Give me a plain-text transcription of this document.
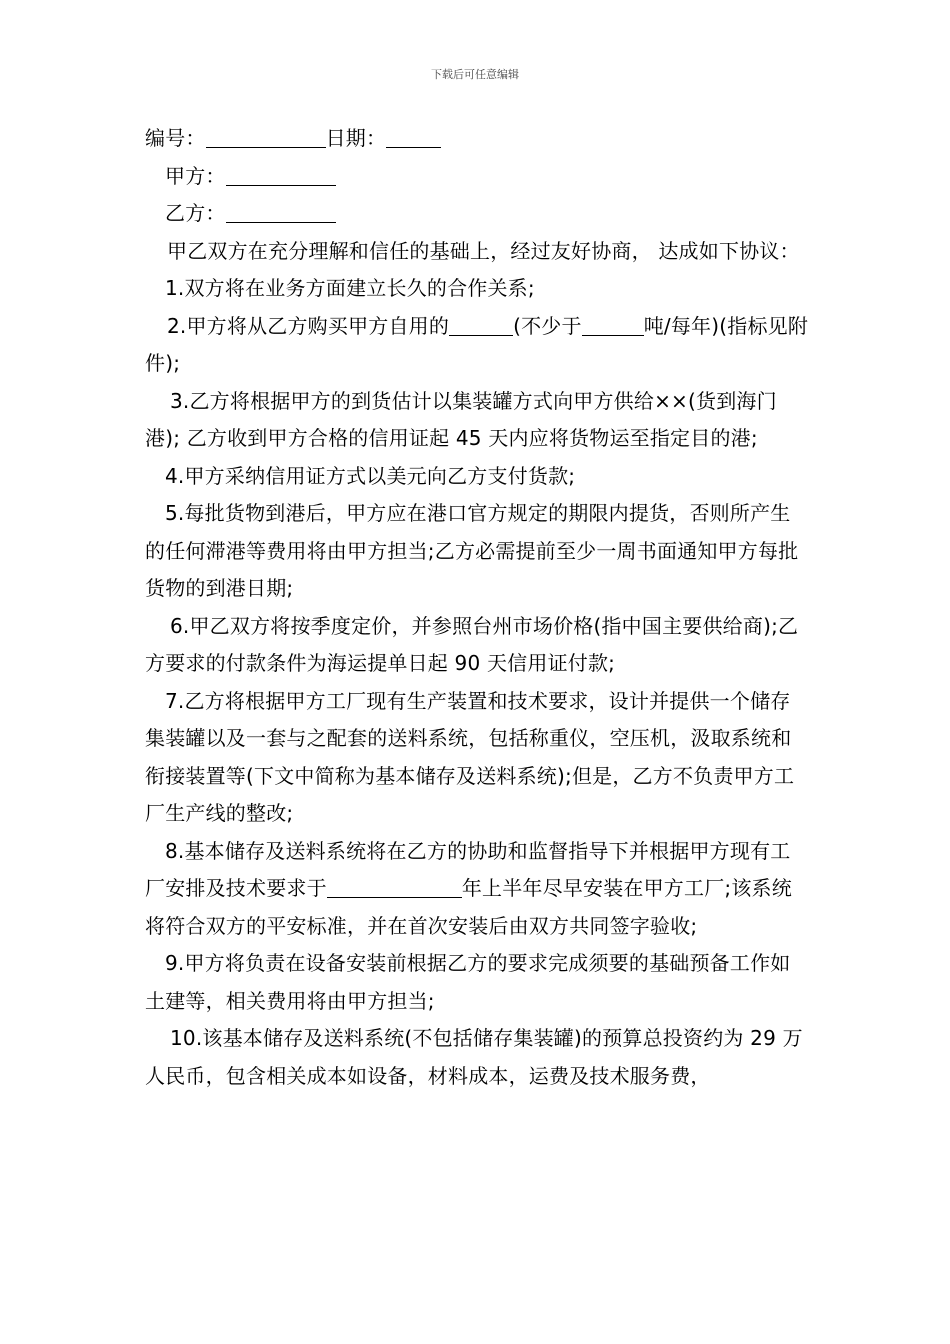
下载后可任意编辑
编号：	日期：
甲方：
乙方：

甲乙双方在充分理解和信任的基础上，经过友好协商， 达成如下协议：

1.双方将在业务方面建立长久的合作关系;

2.甲方将从乙方购买甲方自用的	(不少于	吨/每年)(指标见附件);

3.乙方将根据甲方的到货估计以集装罐方式向甲方供给××(货到海门港); 乙方收到甲方合格的信用证起 45 天内应将货物运至指定目的港;

4.甲方采纳信用证方式以美元向乙方支付货款;

5.每批货物到港后，甲方应在港口官方规定的期限内提货，否则所产生的任何滞港等费用将由甲方担当;乙方必需提前至少一周书面通知甲方每批货物的到港日期;

6.甲乙双方将按季度定价，并参照台州市场价格(指中国主要供给商);乙方要求的付款条件为海运提单日起 90 天信用证付款;

7.乙方将根据甲方工厂现有生产装置和技术要求，设计并提供一个储存集装罐以及一套与之配套的送料系统，包括称重仪，空压机，汲取系统和衔接装置等(下文中简称为基本储存及送料系统);但是，乙方不负责甲方工厂生产线的整改;

8.基本储存及送料系统将在乙方的协助和监督指导下并根据甲方现有工厂安排及技术要求于	年上半年尽早安装在甲方工厂;该系统将符合双方的平安标准，并在首次安装后由双方共同签字验收;

9.甲方将负责在设备安装前根据乙方的要求完成须要的基础预备工作如土建等，相关费用将由甲方担当;

10.该基本储存及送料系统(不包括储存集装罐)的预算总投资约为 29 万人民币，包含相关成本如设备，材料成本，运费及技术服务费，
